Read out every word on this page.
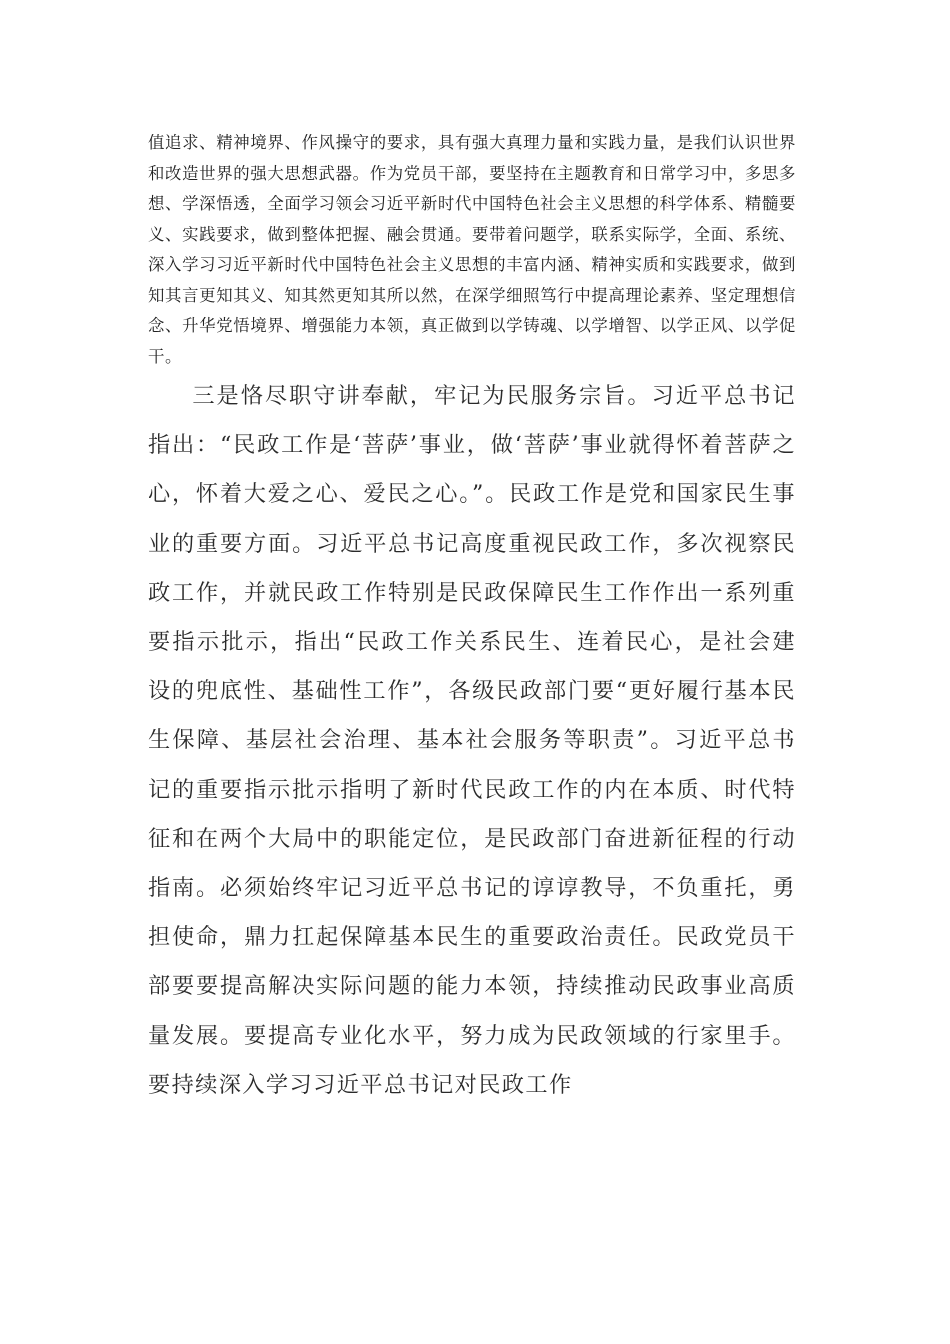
值追求、精神境界、作风操守的要求，具有强大真理力量和实践力量，是我们认识世界和改造世界的强大思想武器。作为党员干部，要坚持在主题教育和日常学习中，多思多想、学深悟透，全面学习领会习近平新时代中国特色社会主义思想的科学体系、精髓要义、实践要求，做到整体把握、融会贯通。要带着问题学，联系实际学，全面、系统、深入学习习近平新时代中国特色社会主义思想的丰富内涵、精神实质和实践要求，做到知其言更知其义、知其然更知其所以然，在深学细照笃行中提高理论素养、坚定理想信念、升华党悟境界、增强能力本领，真正做到以学铸魂、以学增智、以学正风、以学促干。

三是恪尽职守讲奉献，牢记为民服务宗旨。习近平总书记指出：“民政工作是‘菩萨’事业，做‘菩萨’事业就得怀着菩萨之心，怀着大爱之心、爱民之心。”。民政工作是党和国家民生事业的重要方面。习近平总书记高度重视民政工作，多次视察民政工作，并就民政工作特别是民政保障民生工作作出一系列重要指示批示，指出“民政工作关系民生、连着民心，是社会建设的兜底性、基础性工作”，各级民政部门要“更好履行基本民生保障、基层社会治理、基本社会服务等职责”。习近平总书记的重要指示批示指明了新时代民政工作的内在本质、时代特征和在两个大局中的职能定位，是民政部门奋进新征程的行动指南。必须始终牢记习近平总书记的谆谆教导，不负重托，勇担使命，鼎力扛起保障基本民生的重要政治责任。民政党员干部要要提高解决实际问题的能力本领，持续推动民政事业高质量发展。要提高专业化水平，努力成为民政领域的行家里手。要持续深入学习习近平总书记对民政工作
